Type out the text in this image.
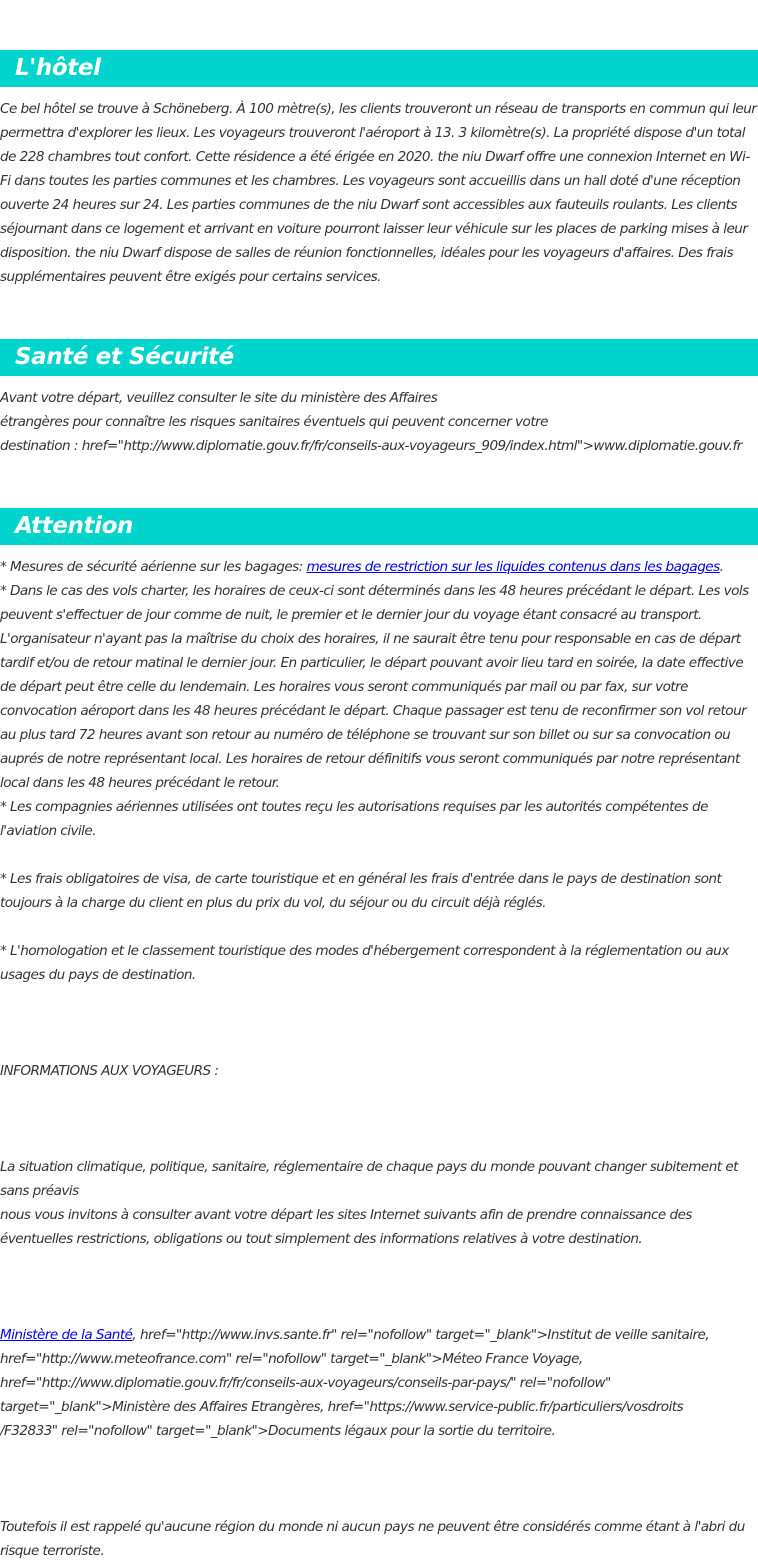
L'hôtel

Ce bel hôtel se trouve à Schöneberg. À 100 mètre(s), les clients trouveront un réseau de transports en commun qui leur permettra d'explorer les lieux. Les voyageurs trouveront l'aéroport à 13. 3 kilomètre(s). La propriété dispose d'un total de 228 chambres tout confort. Cette résidence a été érigée en 2020. the niu Dwarf offre une connexion Internet en Wi-Fi dans toutes les parties communes et les chambres. Les voyageurs sont accueillis dans un hall doté d'une réception ouverte 24 heures sur 24. Les parties communes de the niu Dwarf sont accessibles aux fauteuils roulants. Les clients séjournant dans ce logement et arrivant en voiture pourront laisser leur véhicule sur les places de parking mises à leur disposition. the niu Dwarf dispose de salles de réunion fonctionnelles, idéales pour les voyageurs d'affaires. Des frais supplémentaires peuvent être exigés pour certains services.

Santé et Sécurité

Avant votre départ, veuillez consulter le site du ministère des Affaires

étrangères pour connaître les risques sanitaires éventuels qui peuvent concerner votre

destination : href="http://www.diplomatie.gouv.fr/fr/conseils-aux-voyageurs_909/index.html">www.diplomatie.gouv.fr

Attention

* Mesures de sécurité aérienne sur les bagages: mesures de restriction sur les liquides contenus dans les bagages.

* Dans le cas des vols charter, les horaires de ceux-ci sont déterminés dans les 48 heures précédant le départ. Les vols peuvent s'effectuer de jour comme de nuit, le premier et le dernier jour du voyage étant consacré au transport. L'organisateur n'ayant pas la maîtrise du choix des horaires, il ne saurait être tenu pour responsable en cas de départ tardif et/ou de retour matinal le dernier jour. En particulier, le départ pouvant avoir lieu tard en soirée, la date effective de départ peut être celle du lendemain. Les horaires vous seront communiqués par mail ou par fax, sur votre convocation aéroport dans les 48 heures précédant le départ. Chaque passager est tenu de reconfirmer son vol retour au plus tard 72 heures avant son retour au numéro de téléphone se trouvant sur son billet ou sur sa convocation ou auprés de notre représentant local. Les horaires de retour définitifs vous seront communiqués par notre représentant local dans les 48 heures précédant le retour.

* Les compagnies aériennes utilisées ont toutes reçu les autorisations requises par les autorités compétentes de l'aviation civile.

* Les frais obligatoires de visa, de carte touristique et en général les frais d'entrée dans le pays de destination sont toujours à la charge du client en plus du prix du vol, du séjour ou du circuit déjà réglés.

* L'homologation et le classement touristique des modes d'hébergement correspondent à la réglementation ou aux usages du pays de destination.

INFORMATIONS AUX VOYAGEURS :

La situation climatique, politique, sanitaire, réglementaire de chaque pays du monde pouvant changer subitement et sans préavis

nous vous invitons à consulter avant votre départ les sites Internet suivants afin de prendre connaissance des éventuelles restrictions, obligations ou tout simplement des informations relatives à votre destination.

Ministère de la Santé, href="http://www.invs.sante.fr" rel="nofollow" target="_blank">Institut de veille sanitaire,

href="http://www.meteofrance.com" rel="nofollow" target="_blank">Méteo France Voyage,

href="http://www.diplomatie.gouv.fr/fr/conseils-aux-voyageurs/conseils-par-pays/" rel="nofollow"

target="_blank">Ministère des Affaires Etrangères, href="https://www.service-public.fr/particuliers/vosdroits

/F32833" rel="nofollow" target="_blank">Documents légaux pour la sortie du territoire.

Toutefois il est rappelé qu'aucune région du monde ni aucun pays ne peuvent être considérés comme étant à l'abri du risque terroriste.
